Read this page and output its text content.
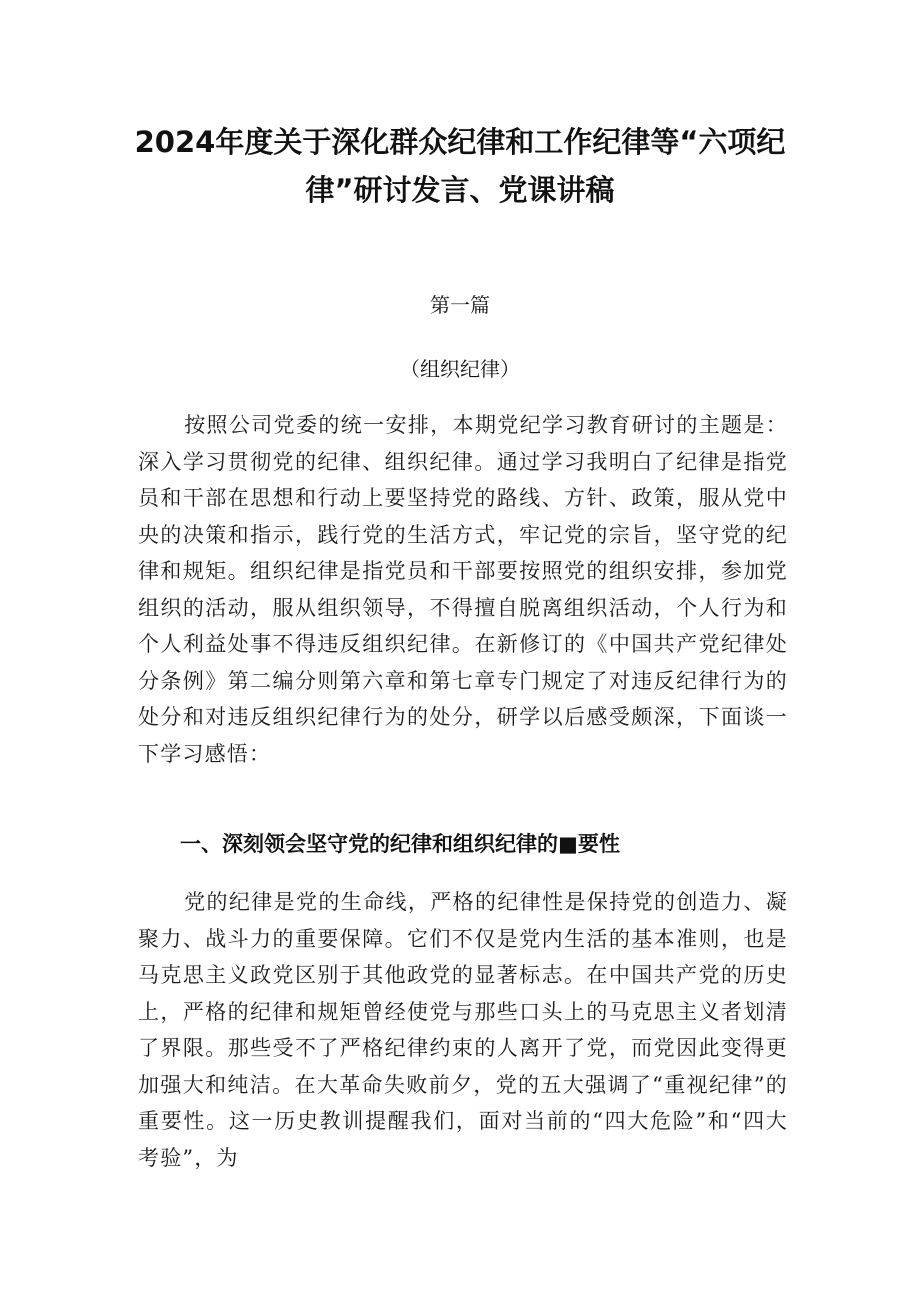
2024年度关于深化群众纪律和工作纪律等“六项纪律”研讨发言、党课讲稿

第一篇

（组织纪律）

按照公司党委的统一安排，本期党纪学习教育研讨的主题是：深入学习贯彻党的纪律、组织纪律。通过学习我明白了纪律是指党员和干部在思想和行动上要坚持党的路线、方针、政策，服从党中央的决策和指示，践行党的生活方式，牢记党的宗旨，坚守党的纪律和规矩。组织纪律是指党员和干部要按照党的组织安排，参加党组织的活动，服从组织领导，不得擅自脱离组织活动，个人行为和个人利益处事不得违反组织纪律。在新修订的《中国共产党纪律处分条例》第二编分则第六章和第七章专门规定了对违反纪律行为的处分和对违反组织纪律行为的处分，研学以后感受颇深，下面谈一下学习感悟：

一、深刻领会坚守党的纪律和组织纪律的■要性

党的纪律是党的生命线，严格的纪律性是保持党的创造力、凝聚力、战斗力的重要保障。它们不仅是党内生活的基本准则，也是马克思主义政党区别于其他政党的显著标志。在中国共产党的历史上，严格的纪律和规矩曾经使党与那些口头上的马克思主义者划清了界限。那些受不了严格纪律约束的人离开了党，而党因此变得更加强大和纯洁。在大革命失败前夕，党的五大强调了“重视纪律”的重要性。这一历史教训提醒我们，面对当前的“四大危险”和“四大考验”，为
